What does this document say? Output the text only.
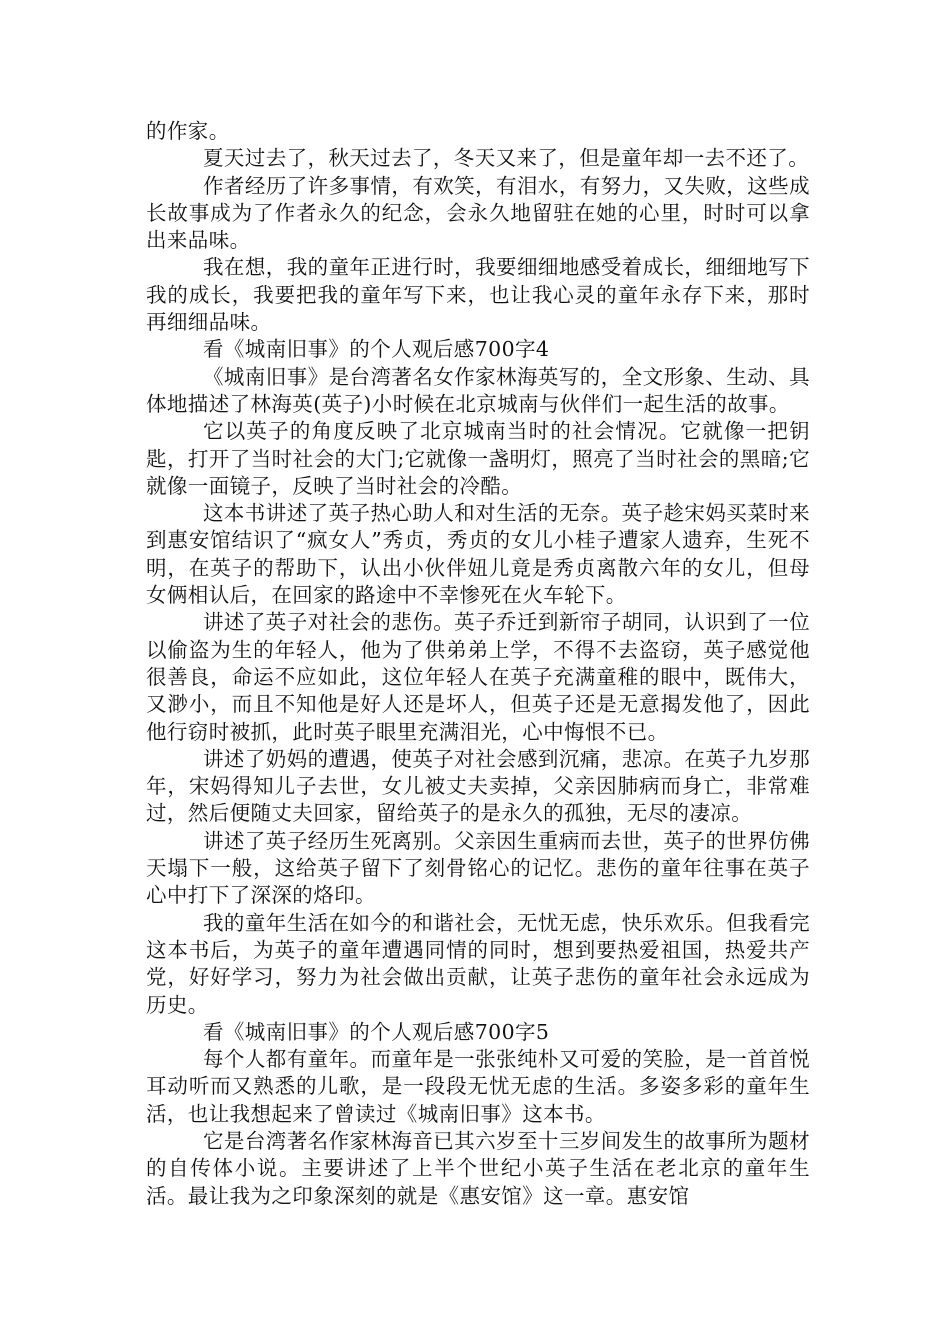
的作家。

夏天过去了，秋天过去了，冬天又来了，但是童年却一去不还了。

作者经历了许多事情，有欢笑，有泪水，有努力，又失败，这些成长故事成为了作者永久的纪念，会永久地留驻在她的心里，时时可以拿出来品味。

我在想，我的童年正进行时，我要细细地感受着成长，细细地写下我的成长，我要把我的童年写下来，也让我心灵的童年永存下来，那时再细细品味。

看《城南旧事》的个人观后感700字4

《城南旧事》是台湾著名女作家林海英写的，全文形象、生动、具体地描述了林海英(英子)小时候在北京城南与伙伴们一起生活的故事。

它以英子的角度反映了北京城南当时的社会情况。它就像一把钥匙，打开了当时社会的大门;它就像一盏明灯，照亮了当时社会的黑暗;它就像一面镜子，反映了当时社会的冷酷。

这本书讲述了英子热心助人和对生活的无奈。英子趁宋妈买菜时来到惠安馆结识了“疯女人”秀贞，秀贞的女儿小桂子遭家人遗弃，生死不明，在英子的帮助下，认出小伙伴妞儿竟是秀贞离散六年的女儿，但母女俩相认后，在回家的路途中不幸惨死在火车轮下。

讲述了英子对社会的悲伤。英子乔迁到新帘子胡同，认识到了一位以偷盗为生的年轻人，他为了供弟弟上学，不得不去盗窃，英子感觉他很善良，命运不应如此，这位年轻人在英子充满童稚的眼中，既伟大，又渺小，而且不知他是好人还是坏人，但英子还是无意揭发他了，因此他行窃时被抓，此时英子眼里充满泪光，心中悔恨不已。

讲述了奶妈的遭遇，使英子对社会感到沉痛，悲凉。在英子九岁那年，宋妈得知儿子去世，女儿被丈夫卖掉，父亲因肺病而身亡，非常难过，然后便随丈夫回家，留给英子的是永久的孤独，无尽的凄凉。

讲述了英子经历生死离别。父亲因生重病而去世，英子的世界仿佛天塌下一般，这给英子留下了刻骨铭心的记忆。悲伤的童年往事在英子心中打下了深深的烙印。

我的童年生活在如今的和谐社会，无忧无虑，快乐欢乐。但我看完这本书后，为英子的童年遭遇同情的同时，想到要热爱祖国，热爱共产党，好好学习，努力为社会做出贡献，让英子悲伤的童年社会永远成为历史。

看《城南旧事》的个人观后感700字5

每个人都有童年。而童年是一张张纯朴又可爱的笑脸，是一首首悦耳动听而又熟悉的儿歌，是一段段无忧无虑的生活。多姿多彩的童年生活，也让我想起来了曾读过《城南旧事》这本书。

它是台湾著名作家林海音已其六岁至十三岁间发生的故事所为题材的自传体小说。主要讲述了上半个世纪小英子生活在老北京的童年生活。最让我为之印象深刻的就是《惠安馆》这一章。惠安馆
